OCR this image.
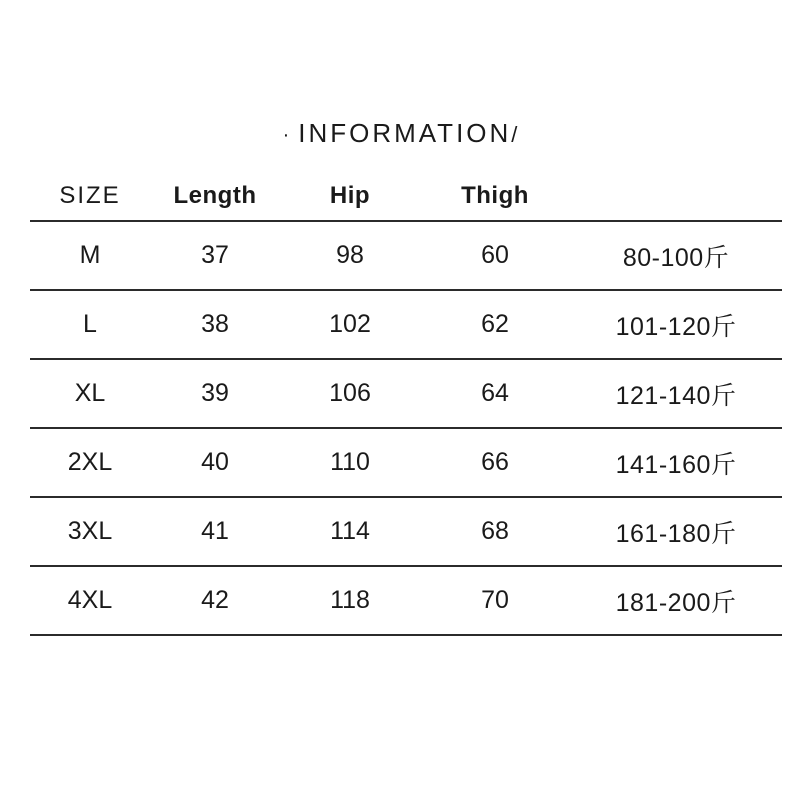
· INFORMATION/
SIZE	Length	Hip	Thigh	
M	37	98	60	80-100斤
L	38	102	62	101-120斤
XL	39	106	64	121-140斤
2XL	40	110	66	141-160斤
3XL	41	114	68	161-180斤
4XL	42	118	70	181-200斤
